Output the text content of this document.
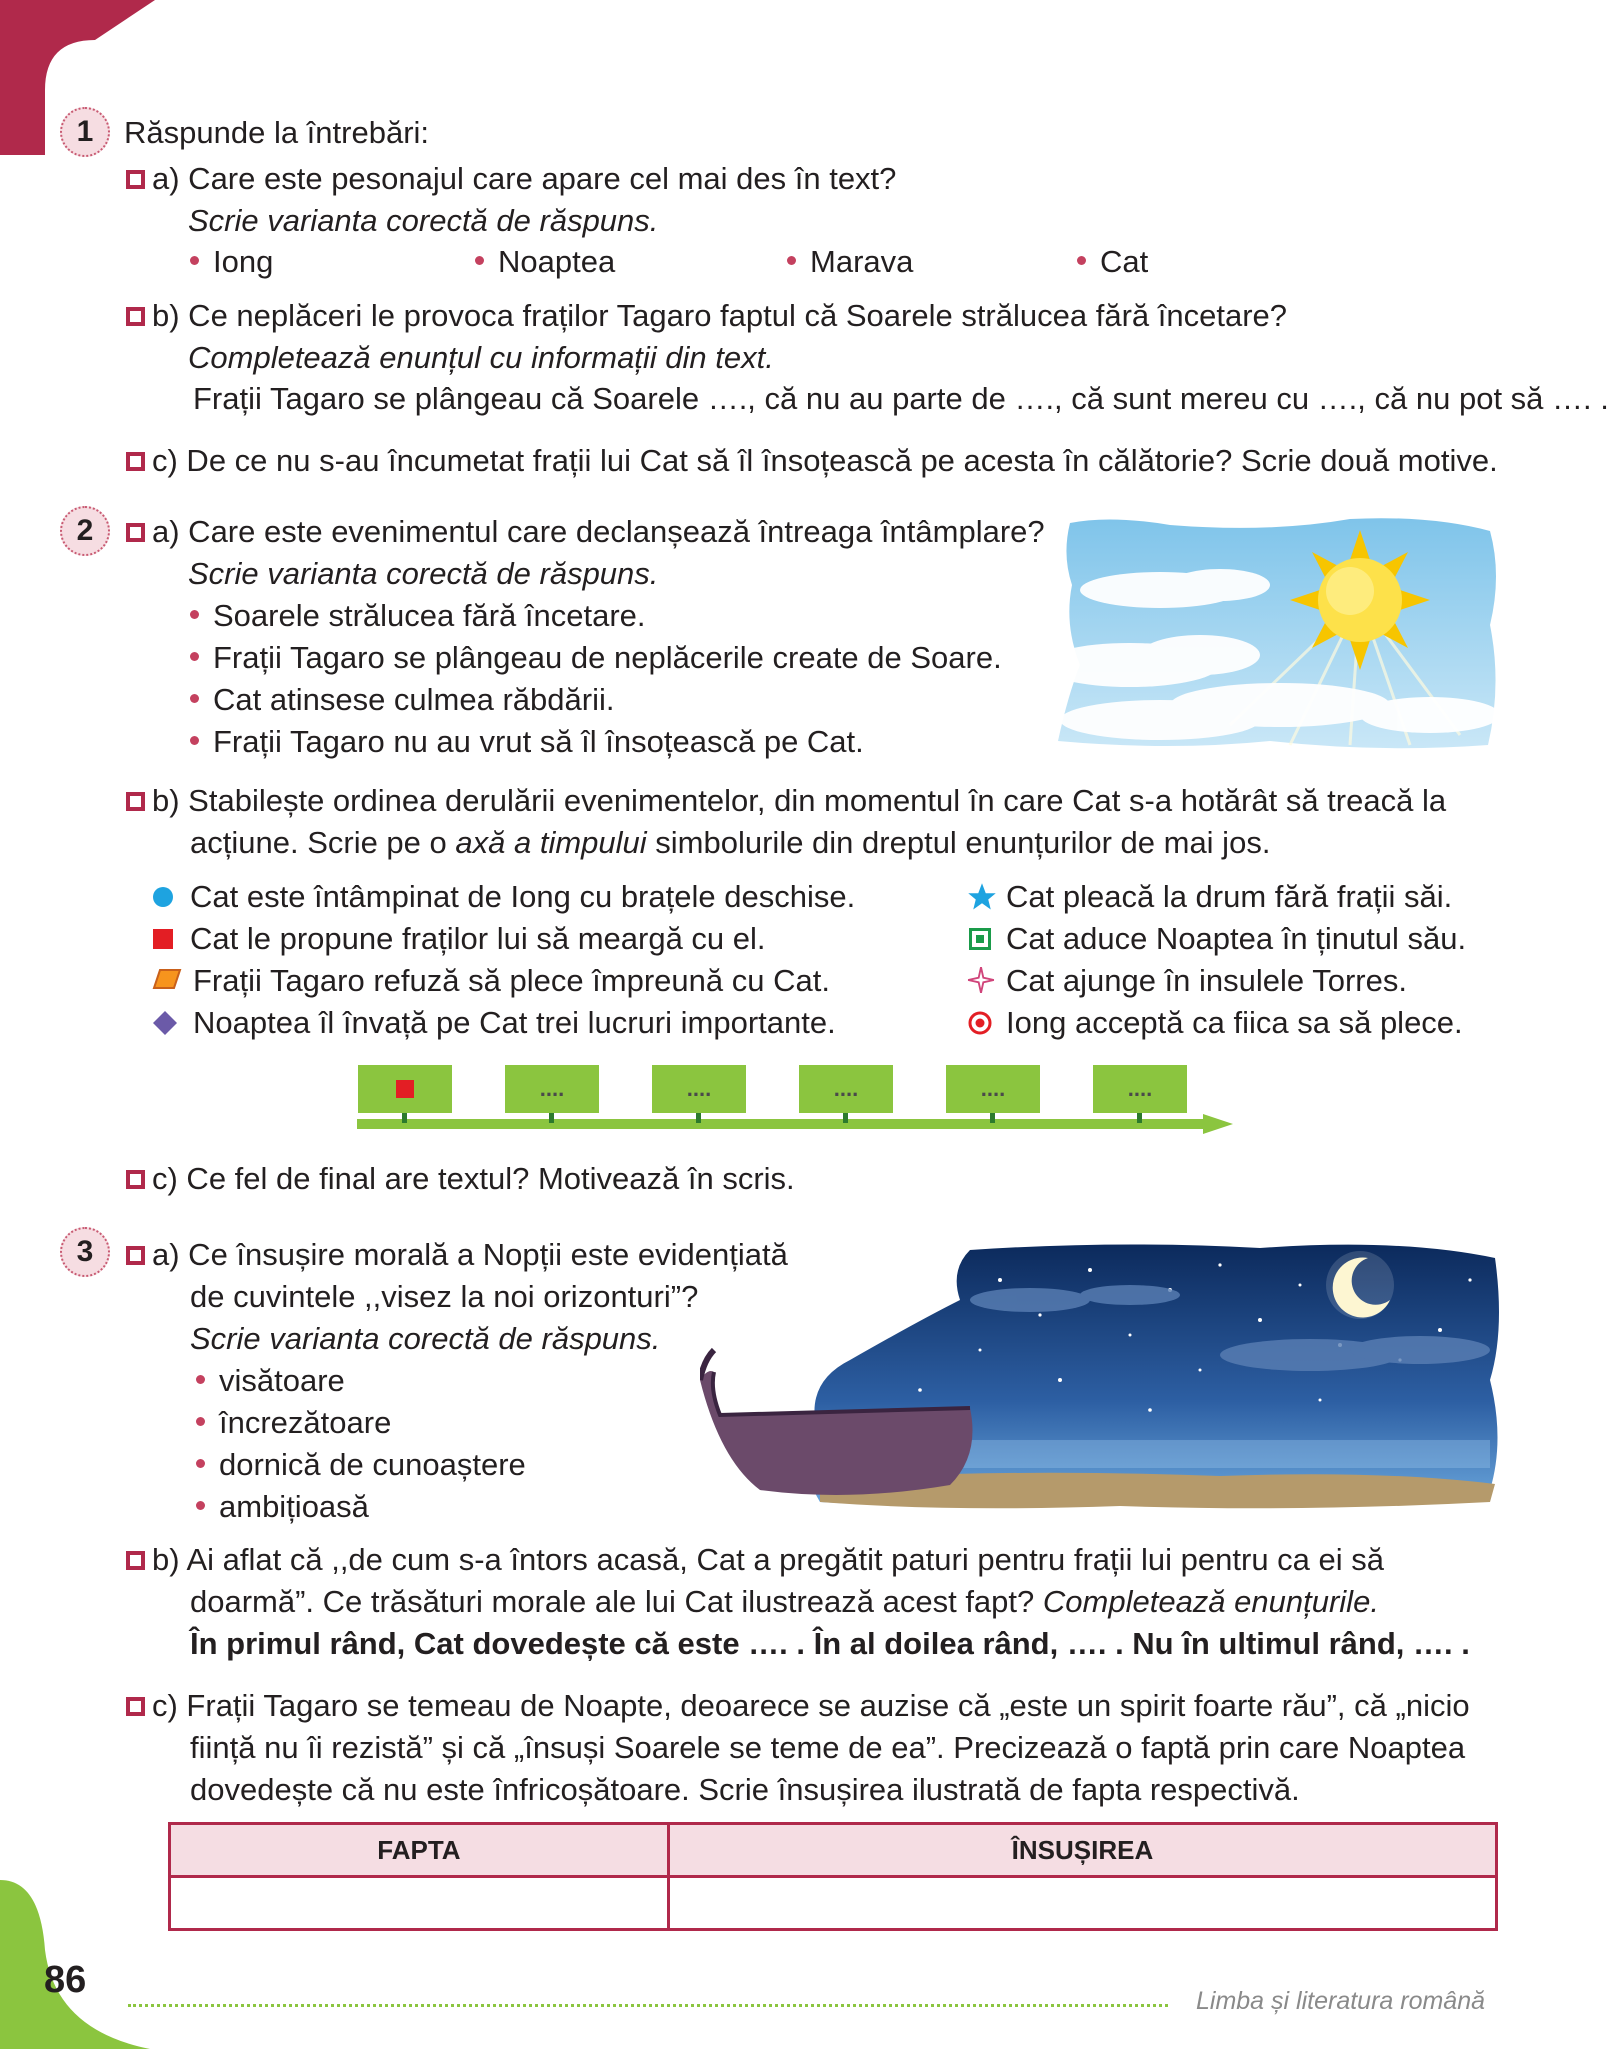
1 Răspunde la întrebări:
a) Care este pesonajul care apare cel mai des în text?
Scrie varianta corectă de răspuns.
Iong	Noaptea	Marava	Cat
b) Ce neplăceri le provoca fraților Tagaro faptul că Soarele strălucea fără încetare?
Completează enunțul cu informații din text.
Frații Tagaro se plângeau că Soarele …., că nu au parte de …., că sunt mereu cu …., că nu pot să …. .
c) De ce nu s-au încumetat frații lui Cat să îl însoțească pe acesta în călătorie? Scrie două motive.
2	a) Care este evenimentul care declanșează întreaga întâmplare?
Scrie varianta corectă de răspuns.
Soarele strălucea fără încetare.
Frații Tagaro se plângeau de neplăcerile create de Soare.
Cat atinsese culmea răbdării.
Frații Tagaro nu au vrut să îl însoțească pe Cat.
b) Stabilește ordinea derulării evenimentelor, din momentul în care Cat s-a hotărât să treacă la
acțiune. Scrie pe o axă a timpului simbolurile din dreptul enunțurilor de mai jos.
Cat este întâmpinat de Iong cu brațele deschise.
Cat le propune fraților lui să meargă cu el.
Frații Tagaro refuză să plece împreună cu Cat.
Noaptea îl învață pe Cat trei lucruri importante.
Cat pleacă la drum fără frații săi.
Cat aduce Noaptea în ținutul său.
Cat ajunge în insulele Torres.
Iong acceptă ca fiica sa să plece.
....	....	....	....	....
c) Ce fel de final are textul? Motivează în scris.
3	a) Ce însușire morală a Nopții este evidențiată
de cuvintele ,,visez la noi orizonturi”?
Scrie varianta corectă de răspuns.
visătoare
încrezătoare
dornică de cunoaștere
ambițioasă
b) Ai aflat că ,,de cum s-a întors acasă, Cat a pregătit paturi pentru frații lui pentru ca ei să
doarmă”. Ce trăsături morale ale lui Cat ilustrează acest fapt? Completează enunțurile.
În primul rând, Cat dovedește că este …. . În al doilea rând, …. . Nu în ultimul rând, …. .
c) Frații Tagaro se temeau de Noapte, deoarece se auzise că „este un spirit foarte rău”, că „nicio
ființă nu îi rezistă” și că „însuși Soarele se teme de ea”. Precizează o faptă prin care Noaptea
dovedește că nu este înfricoșătoare. Scrie însușirea ilustrată de fapta respectivă.
FAPTA	ÎNSUȘIREA

86	Limba și literatura română
